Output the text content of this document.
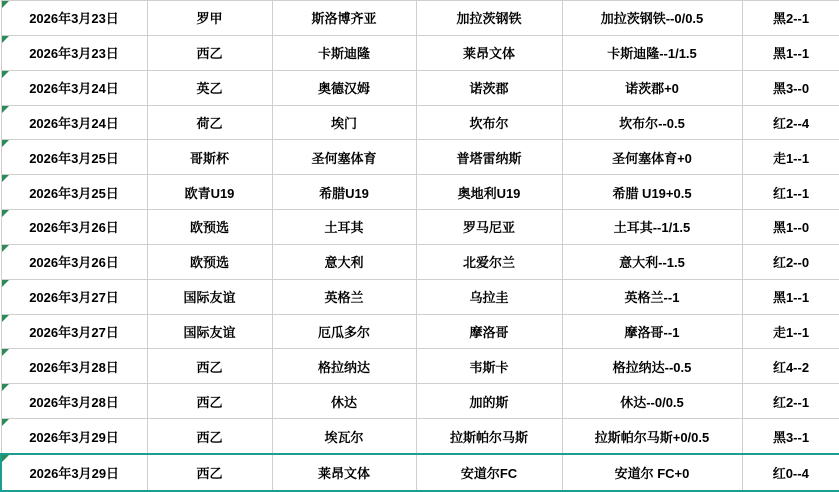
2026年3月23日	罗甲	斯洛博齐亚	加拉茨钢铁	加拉茨钢铁--0/0.5	黑2--1
2026年3月23日	西乙	卡斯迪隆	莱昂文体	卡斯迪隆--1/1.5	黑1--1
2026年3月24日	英乙	奥德汉姆	诺茨郡	诺茨郡+0	黑3--0
2026年3月24日	荷乙	埃门	坎布尔	坎布尔--0.5	红2--4
2026年3月25日	哥斯杯	圣何塞体育	普塔雷纳斯	圣何塞体育+0	走1--1
2026年3月25日	欧青U19	希腊U19	奥地利U19	希腊 U19+0.5	红1--1
2026年3月26日	欧预选	土耳其	罗马尼亚	土耳其--1/1.5	黑1--0
2026年3月26日	欧预选	意大利	北爱尔兰	意大利--1.5	红2--0
2026年3月27日	国际友谊	英格兰	乌拉圭	英格兰--1	黑1--1
2026年3月27日	国际友谊	厄瓜多尔	摩洛哥	摩洛哥--1	走1--1
2026年3月28日	西乙	格拉纳达	韦斯卡	格拉纳达--0.5	红4--2
2026年3月28日	西乙	休达	加的斯	休达--0/0.5	红2--1
2026年3月29日	西乙	埃瓦尔	拉斯帕尔马斯	拉斯帕尔马斯+0/0.5	黑3--1
2026年3月29日	西乙	莱昂文体	安道尔FC	安道尔 FC+0	红0--4
